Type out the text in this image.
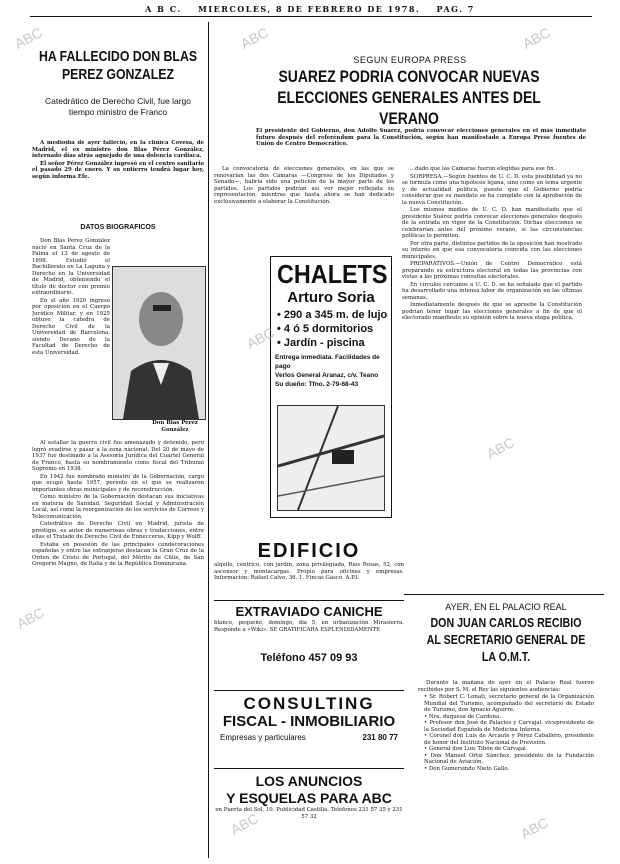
A B C. MIERCOLES, 8 DE FEBRERO DE 1978. PAG. 7
HA FALLECIDO DON BLAS PEREZ GONZALEZ
Catedrático de Derecho Civil, fue largo tiempo ministro de Franco

A mediodía de ayer falleció, en la clínica Covesa, de Madrid, el ex ministro don Blas Pérez González, internado días atrás aquejado de una dolencia cardiaca.

El señor Pérez González ingresó en el centro sanitario el pasado 29 de enero. Y su entierro tendrá lugar hoy, según informa Efe.

DATOS BIOGRAFICOS

Don Blas Pérez González nació en Santa Cruz de la Palma el 13 de agosto de 1898. Estudió el Bachillerato en La Laguna y Derecho en la Universidad de Madrid, obteniendo el título de doctor con premio extraordinario.

En el año 1920 ingresó por oposición en el Cuerpo Jurídico Militar, y en 1925 obtuvo la cátedra de Derecho Civil de la Universidad de Barcelona, siendo Decano de la Facultad de Derecho de esta Universidad.

Don Blas Pérez González

Al estallar la guerra civil fue amenazado y detenido, pero logró evadirse y pasar a la zona nacional. Del 20 de mayo de 1937 fue destinado a la Asesoría Jurídica del Cuartel General de Franco, hasta su nombramiento como fiscal del Tribunal Supremo en 1938.

En 1942 fue nombrado ministro de la Gobernación, cargo que ocupó hasta 1957, período en el que se realizaron importantes obras municipales y de reconstrucción.

Como ministro de la Gobernación destacan sus iniciativas en materia de Sanidad, Seguridad Social y Administración Local, así como la reorganización de los servicios de Correos y Telecomunicación.

Catedrático de Derecho Civil en Madrid, jurista de prestigio, es autor de numerosas obras y traducciones, entre ellas el Tratado de Derecho Civil de Enneccerus, Kipp y Wolff.

Estaba en posesión de las principales condecoraciones españolas y entre las extranjeras destacan la Gran Cruz de la Orden de Cristo de Portugal, del Mérito de Chile, de San Gregorio Magno, de Italia y de la República Dominicana.

SEGUN EUROPA PRESS
SUAREZ PODRIA CONVOCAR NUEVAS ELECCIONES GENERALES ANTES DEL VERANO
El presidente del Gobierno, don Adolfo Suárez, podría convocar elecciones generales en el más inmediato futuro después del referéndum para la Constitución, según han manifestado a Europa Press fuentes de Unión de Centro Democrático.

La convocatoria de elecciones generales, en las que se renovarían las dos Cámaras —Congreso de los Diputados y Senado—, habría sido una petición de la mayor parte de los partidos. Los partidos podrían así ver mejor reflejada su representación, mientras que hasta ahora se han dedicado exclusivamente a elaborar la Constitución.

...dado que las Cámaras fueron elegidas para ese fin.

SORPRESA.—Según fuentes de U. C. D. esta posibilidad ya no se formula como una hipótesis lejana, sino como un tema urgente y de actualidad política, puesto que el Gobierno podría considerar que su mandato se ha cumplido con la aprobación de la nueva Constitución.

Los mismos medios de U. C. D. han manifestado que el presidente Suárez podría convocar elecciones generales después de la entrada en vigor de la Constitución. Dichas elecciones se celebrarían antes del próximo verano, si las circunstancias políticas lo permiten.

Por otra parte, distintos partidos de la oposición han mostrado su interés en que esa convocatoria coincida con las elecciones municipales.

PREPARATIVOS.—Unión de Centro Democrático está preparando su estructura electoral en todas las provincias con vistas a las próximas consultas electorales.

En círculos cercanos a U. C. D. se ha señalado que el partido ha desarrollado una intensa labor de organización en las últimas semanas.

Inmediatamente después de que se apruebe la Constitución podrían tener lugar las elecciones generales a fin de que el electorado manifieste su opinión sobre la nueva etapa política.

CHALETS
Arturo Soria
• 290 a 345 m. de lujo
• 4 ó 5 dormitorios
• Jardín - piscina
Entrega inmediata. Facilidades de pago
Verlos General Aranaz, c/v. Teano
Su dueño: Tfno. 2-79-68-43
EDIFICIO
alquilo, céntrico, con jardín, zona privilegiada, Ríos Rosas, 52, con ascensor y montacargas. Propio para oficinas y empresas. Información: Rafael Calvo, 36. 1. Fincas Gascó, A.P.I.
EXTRAVIADO CANICHE
blanco, pequeño, domingo, día 5, en urbanización Mirasierra. Responde a «Wiki». SE GRATIFICARA ESPLENDIDAMENTE
Teléfono 457 09 93
CONSULTING
FISCAL - INMOBILIARIO
Empresas y particulares	231 80 77
LOS ANUNCIOS
Y ESQUELAS PARA ABC
en Puerta del Sol, 10. Publicidad Castilla. Teléfonos 231 57 35 y 231 57 32
AYER, EN EL PALACIO REAL
DON JUAN CARLOS RECIBIO AL SECRETARIO GENERAL DE LA O.M.T.

Durante la mañana de ayer en el Palacio Real fueron recibidos por S. M. el Rey las siguientes audiencias:

• Sr. Robert C. Lonati, secretario general de la Organización Mundial del Turismo, acompañado del secretario de Estado de Turismo, don Ignacio Aguirre.
• Nra. duquesa de Cardona.
• Profesor don José de Palacios y Carvajal, vicepresidente de la Sociedad Española de Medicina Interna.
• Coronel don Luis de Arcaute y Pérez Caballero, presidente de honor del Instituto Nacional de Previsión.
• General don Luis Tibón de Carvajal.
• Don Manuel Ortiz Sánchez, presidente de la Fundación Nacional de Aviación.
• Don Gumersindo Nieto Gallo.
ABC	ABC
ABC
ABC
ABC
ABC	ABC
ABC
